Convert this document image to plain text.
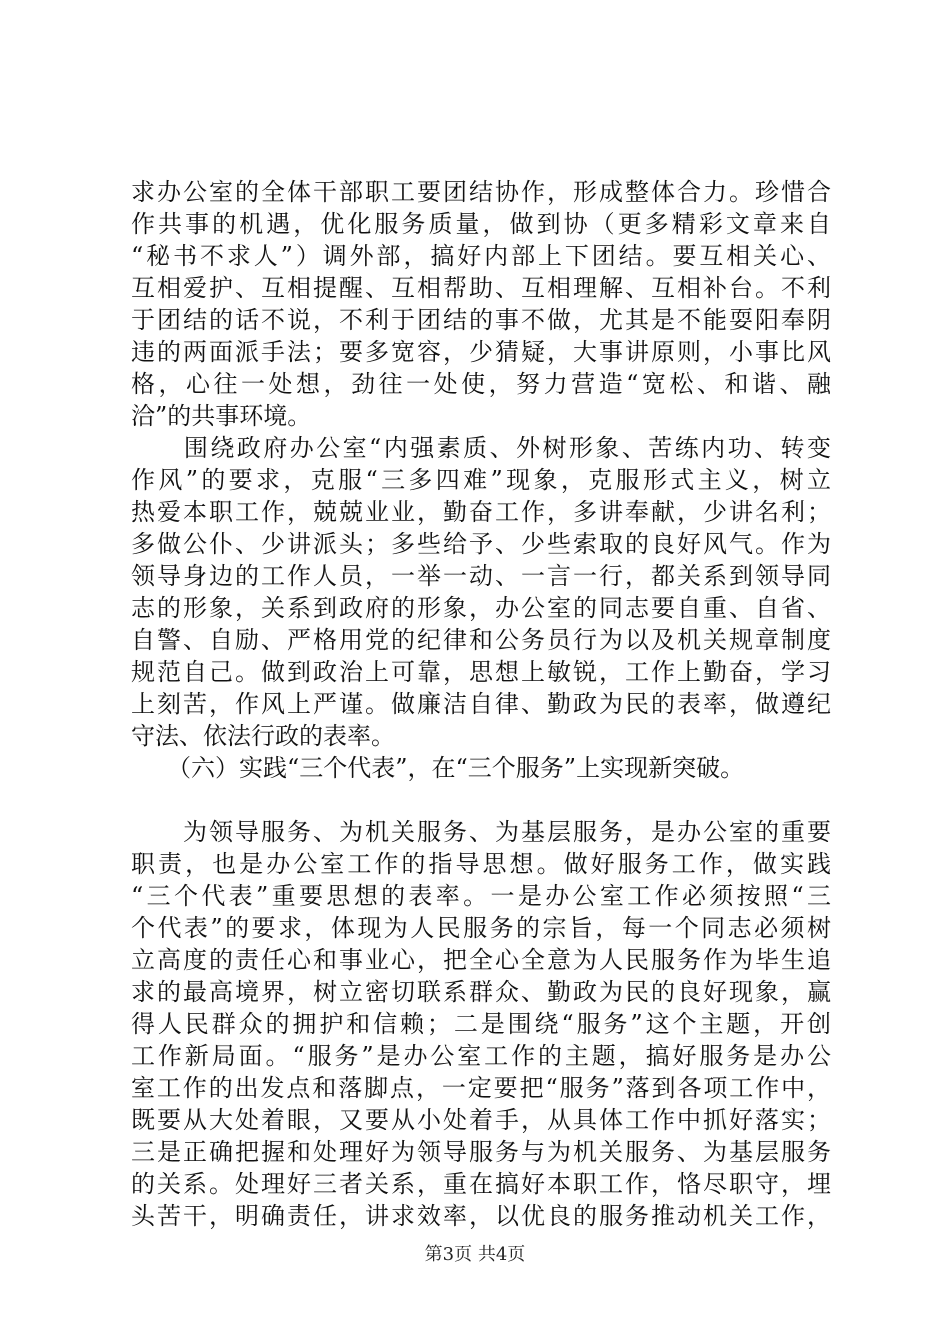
求办公室的全体干部职工要团结协作，形成整体合力。珍惜合
作共事的机遇，优化服务质量，做到协（更多精彩文章来自
“秘书不求人”）调外部，搞好内部上下团结。要互相关心、
互相爱护、互相提醒、互相帮助、互相理解、互相补台。不利
于团结的话不说，不利于团结的事不做，尤其是不能耍阳奉阴
违的两面派手法；要多宽容，少猜疑，大事讲原则，小事比风
格，心往一处想，劲往一处使，努力营造“宽松、和谐、融
洽”的共事环境。
　　围绕政府办公室“内强素质、外树形象、苦练内功、转变
作风”的要求，克服“三多四难”现象，克服形式主义，树立
热爱本职工作，兢兢业业，勤奋工作，多讲奉献，少讲名利；
多做公仆、少讲派头；多些给予、少些索取的良好风气。作为
领导身边的工作人员，一举一动、一言一行，都关系到领导同
志的形象，关系到政府的形象，办公室的同志要自重、自省、
自警、自励、严格用党的纪律和公务员行为以及机关规章制度
规范自己。做到政治上可靠，思想上敏锐，工作上勤奋，学习
上刻苦，作风上严谨。做廉洁自律、勤政为民的表率，做遵纪
守法、依法行政的表率。
　　（六）实践“三个代表”，在“三个服务”上实现新突破。
　　为领导服务、为机关服务、为基层服务，是办公室的重要
职责，也是办公室工作的指导思想。做好服务工作，做实践
“三个代表”重要思想的表率。一是办公室工作必须按照“三
个代表”的要求，体现为人民服务的宗旨，每一个同志必须树
立高度的责任心和事业心，把全心全意为人民服务作为毕生追
求的最高境界，树立密切联系群众、勤政为民的良好现象，赢
得人民群众的拥护和信赖；二是围绕“服务”这个主题，开创
工作新局面。“服务”是办公室工作的主题，搞好服务是办公
室工作的出发点和落脚点，一定要把“服务”落到各项工作中，
既要从大处着眼，又要从小处着手，从具体工作中抓好落实；
三是正确把握和处理好为领导服务与为机关服务、为基层服务
的关系。处理好三者关系，重在搞好本职工作，恪尽职守，埋
头苦干，明确责任，讲求效率，以优良的服务推动机关工作，
第3页 共4页
